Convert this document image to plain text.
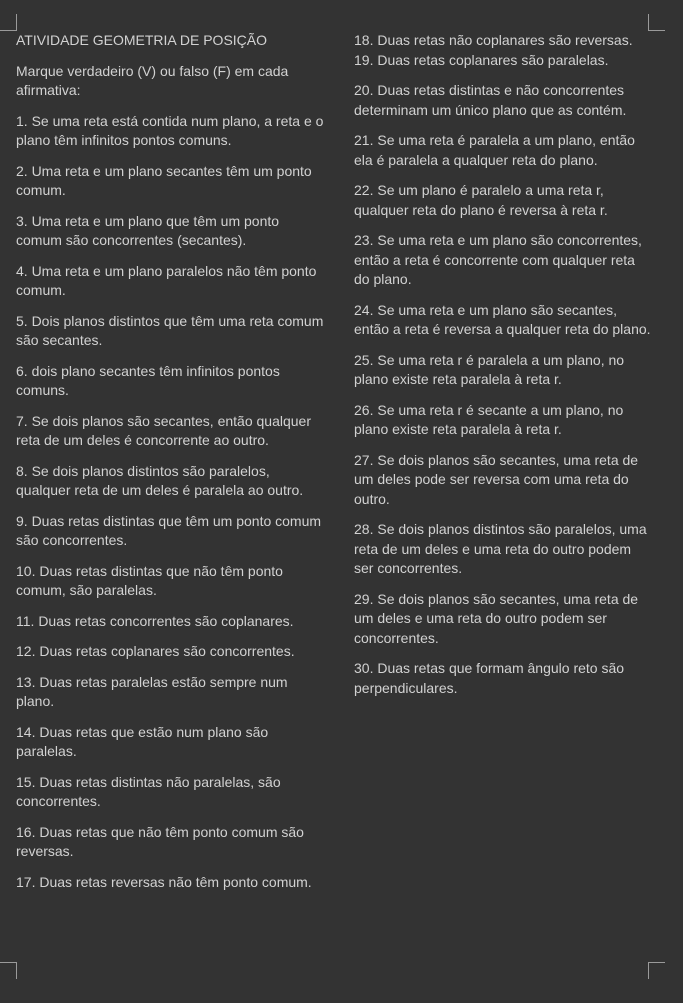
ATIVIDADE GEOMETRIA DE POSIÇÃO

Marque verdadeiro (V) ou falso (F) em cada afirmativa:

1. Se uma reta está contida num plano, a reta e o plano têm infinitos pontos comuns.

2. Uma reta e um plano secantes têm um ponto comum.

3. Uma reta e um plano que têm um ponto comum são concorrentes (secantes).

4. Uma reta e um plano paralelos não têm ponto comum.

5. Dois planos distintos que têm uma reta comum são secantes.

6. dois plano secantes têm infinitos pontos comuns.

7. Se dois planos são secantes, então qualquer reta de um deles é concorrente ao outro.

8. Se dois planos distintos são paralelos, qualquer reta de um deles é paralela ao outro.

9. Duas retas distintas que têm um ponto comum são concorrentes.

10. Duas retas distintas que não têm ponto comum, são paralelas.

11. Duas retas concorrentes são coplanares.

12. Duas retas coplanares são concorrentes.

13. Duas retas paralelas estão sempre num plano.

14. Duas retas que estão num plano são paralelas.

15. Duas retas distintas não paralelas, são concorrentes.

16. Duas retas que não têm ponto comum são reversas.

17. Duas retas reversas não têm ponto comum.

18. Duas retas não coplanares são reversas.

19. Duas retas coplanares são paralelas.

20. Duas retas distintas e não concorrentes determinam um único plano que as contém.

21. Se uma reta é paralela a um plano, então ela é paralela a qualquer reta do plano.

22. Se um plano é paralelo a uma reta r, qualquer reta do plano é reversa à reta r.

23. Se uma reta e um plano são concorrentes, então a reta é concorrente com qualquer reta do plano.

24. Se uma reta e um plano são secantes, então a reta é reversa a qualquer reta do plano.

25. Se uma reta r é paralela a um plano, no plano existe reta paralela à reta r.

26. Se uma reta r é secante a um plano, no plano existe reta paralela à reta r.

27. Se dois planos são secantes, uma reta de um deles pode ser reversa com uma reta do outro.

28. Se dois planos distintos são paralelos, uma reta de um deles e uma reta do outro podem ser concorrentes.

29. Se dois planos são secantes, uma reta de um deles e uma reta do outro podem ser concorrentes.

30. Duas retas que formam ângulo reto são perpendiculares.
